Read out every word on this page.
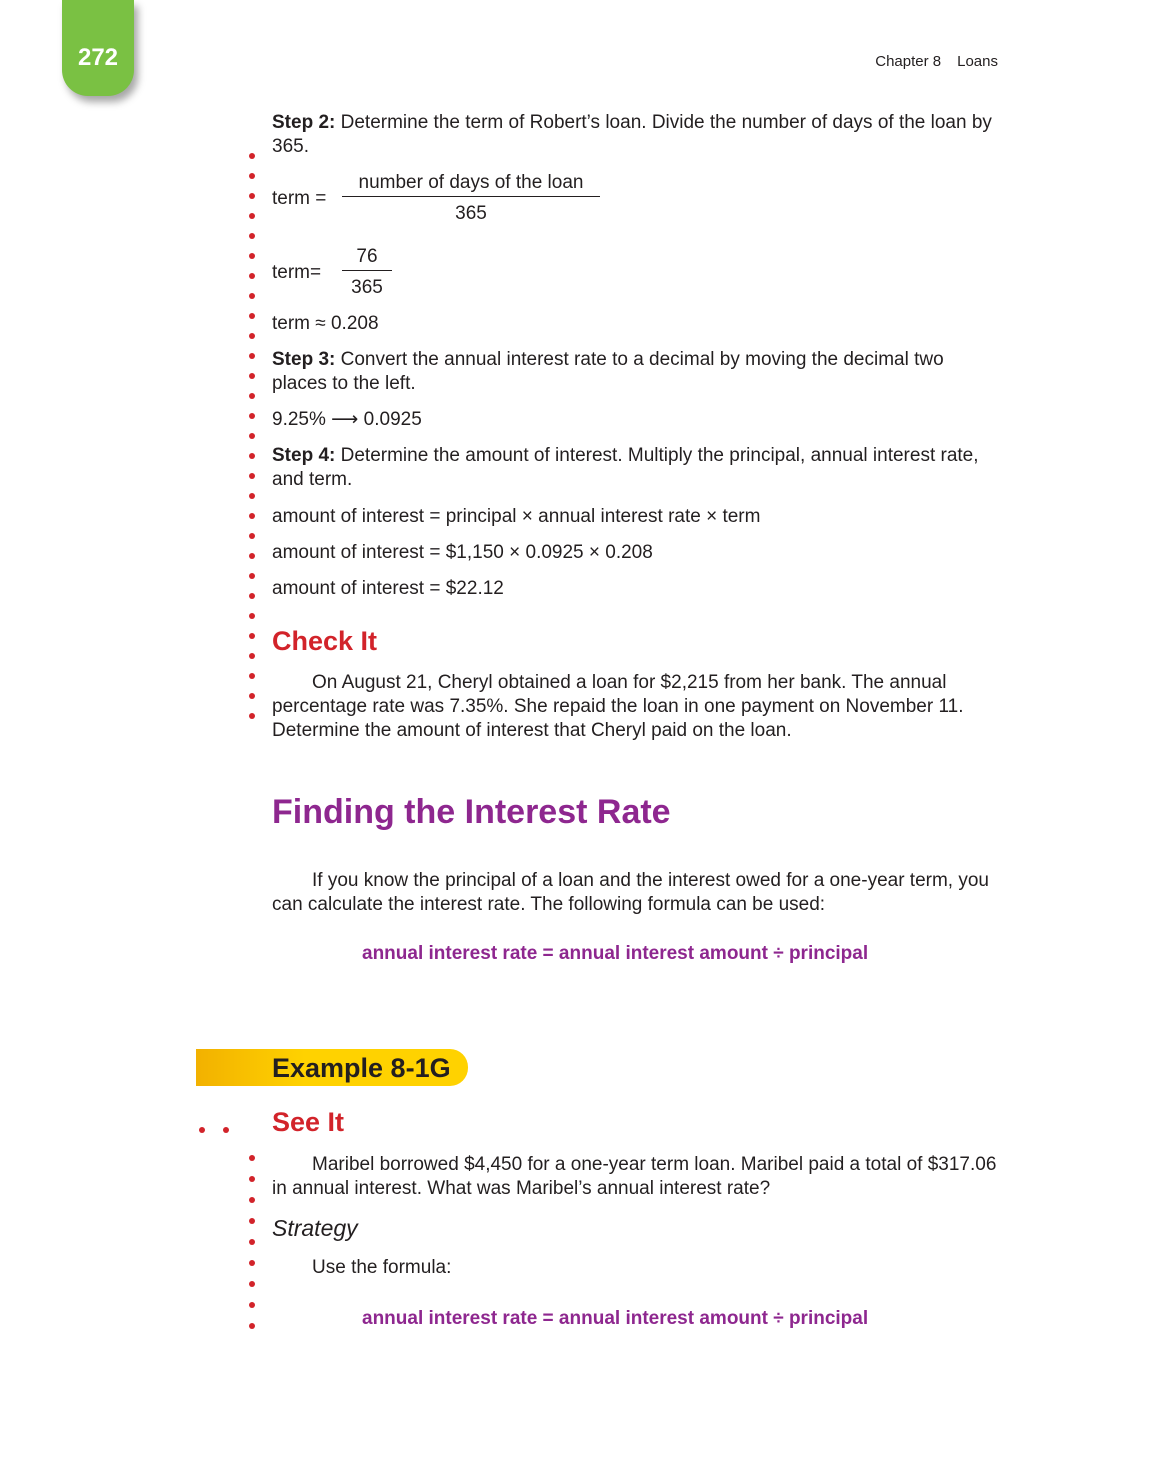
272	Chapter 8 Loans
Step 2: Determine the term of Robert’s loan. Divide the number of days of the loan by 365.
term =
number of days of the loan
365
term=
76
365
term ≈ 0.208
Step 3: Convert the annual interest rate to a decimal by moving the decimal two places to the left.
9.25% ⟶ 0.0925
Step 4: Determine the amount of interest. Multiply the principal, annual interest rate, and term.
amount of interest = principal × annual interest rate × term
amount of interest = $1,150 × 0.0925 × 0.208
amount of interest = $22.12
Check It
On August 21, Cheryl obtained a loan for $2,215 from her bank. The annual percentage rate was 7.35%. She repaid the loan in one payment on November 11. Determine the amount of interest that Cheryl paid on the loan.
Finding the Interest Rate
If you know the principal of a loan and the interest owed for a one-year term, you can calculate the interest rate. The following formula can be used:
annual interest rate = annual interest amount ÷ principal
Example 8-1G
See It
Maribel borrowed $4,450 for a one-year term loan. Maribel paid a total of $317.06 in annual interest. What was Maribel’s annual interest rate?
Strategy
Use the formula:
annual interest rate = annual interest amount ÷ principal
